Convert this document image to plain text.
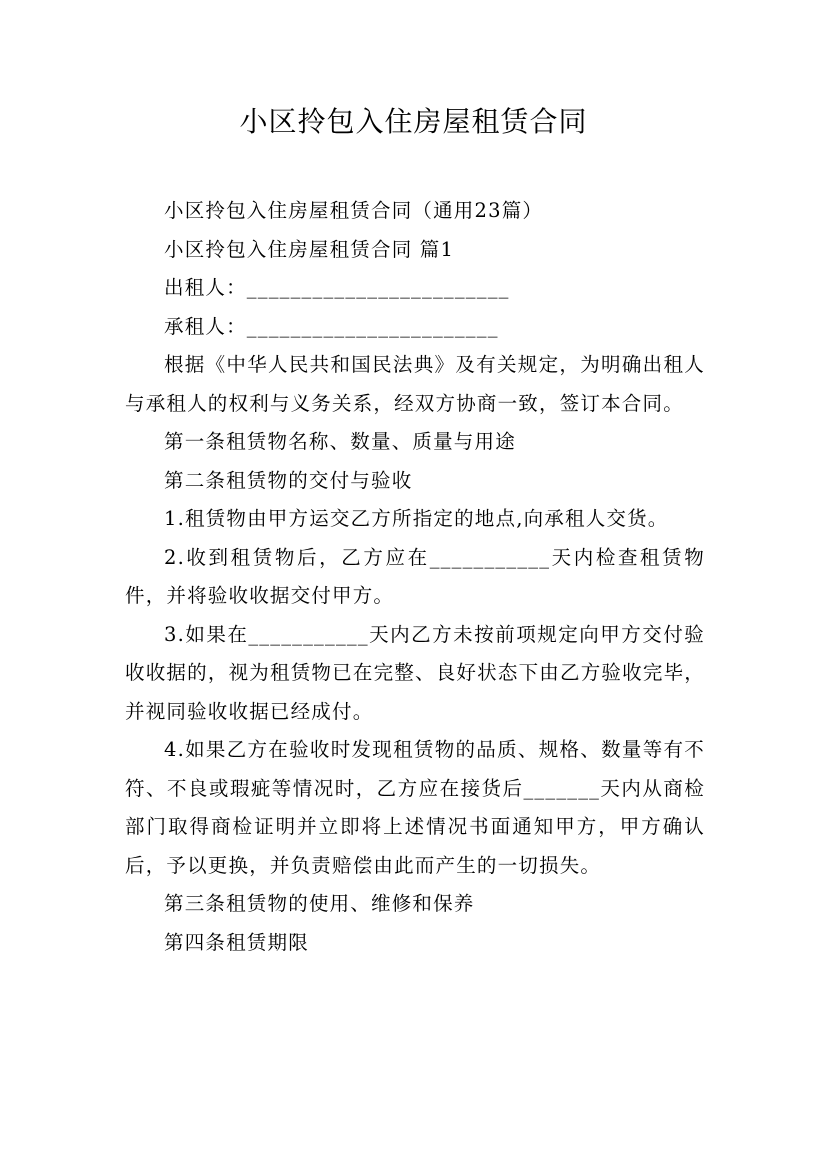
小区拎包入住房屋租赁合同

小区拎包入住房屋租赁合同（通用23篇）

小区拎包入住房屋租赁合同 篇1

出租人：________________________

承租人：_______________________

根据《中华人民共和国民法典》及有关规定，为明确出租人与承租人的权利与义务关系，经双方协商一致，签订本合同。

第一条租赁物名称、数量、质量与用途

第二条租赁物的交付与验收

1.租赁物由甲方运交乙方所指定的地点,向承租人交货。

2.收到租赁物后，乙方应在___________天内检查租赁物件，并将验收收据交付甲方。

3.如果在___________天内乙方未按前项规定向甲方交付验收收据的，视为租赁物已在完整、良好状态下由乙方验收完毕，并视同验收收据已经成付。

4.如果乙方在验收时发现租赁物的品质、规格、数量等有不符、不良或瑕疵等情况时，乙方应在接货后_______天内从商检部门取得商检证明并立即将上述情况书面通知甲方，甲方确认后，予以更换，并负责赔偿由此而产生的一切损失。

第三条租赁物的使用、维修和保养

第四条租赁期限
